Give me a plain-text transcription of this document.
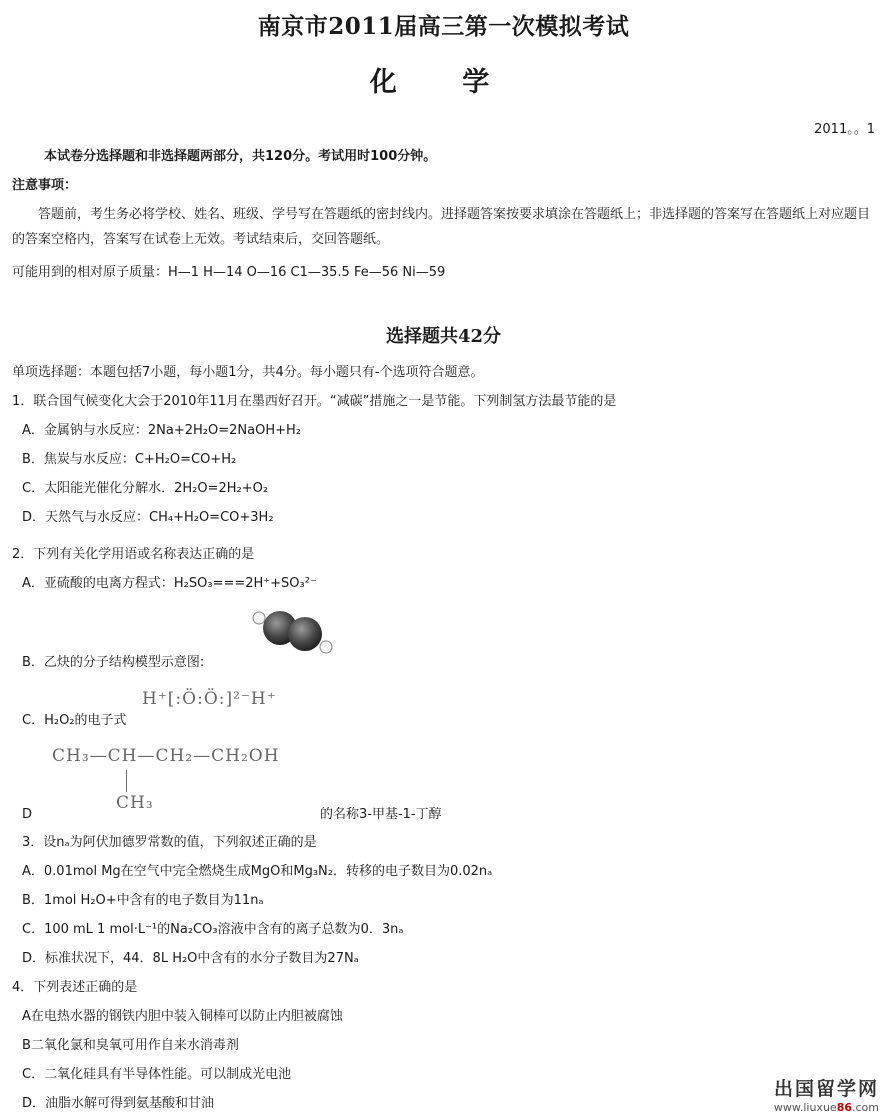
南京市2011届高三第一次模拟考试
化 学
2011。。1
本试卷分选择题和非选择题两部分，共120分。考试用时100分钟。
注意事项：
答题前，考生务必将学校、姓名、班级、学号写在答题纸的密封线内。进择题答案按要求填涂在答题纸上；非选择题的答案写在答题纸上对应题目的答案空格内，答案写在试卷上无效。考试结束后，交回答题纸。
可能用到的相对原子质量：H—1 H—14 O—16 C1—35.5 Fe—56 Ni—59
选择题共42分
单项选择题：本题包括7小题，每小题1分，共4分。每小题只有-个选项符合题意。
1．联合国气候变化大会于2010年11月在墨西好召开。“减碳”措施之一是节能。下列制氢方法最节能的是
A．金属钠与水反应：2Na+2H₂O=2NaOH+H₂
B．焦炭与水反应：C+H₂O=CO+H₂
C．太阳能光催化分解水．2H₂O=2H₂+O₂
D．天然气与水反应：CH₄+H₂O=CO+3H₂
2．下列有关化学用语或名称表达正确的是
A．亚硫酸的电离方程式：H₂SO₃===2H⁺+SO₃²⁻
B．乙炔的分子结构模型示意图:
H⁺[:Ö:Ö:]²⁻H⁺
C．H₂O₂的电子式
CH₃—CH—CH₂—CH₂OH
CH₃
D	的名称3-甲基-1-丁醇
3．设nₐ为阿伏加德罗常数的值，下列叙述正确的是
A．0.01mol Mg在空气中完全燃烧生成MgO和Mg₃N₂．转移的电子数目为0.02nₐ
B．1mol H₂O+中含有的电子数目为11nₐ
C．100 mL 1 mol·L⁻¹的Na₂CO₃溶液中含有的离子总数为0．3nₐ
D．标准状况下，44．8L H₂O中含有的水分子数目为27Nₐ
4．下列表述正确的是
A在电热水器的钢铁内胆中装入铜棒可以防止内胆被腐蚀
B二氧化氯和臭氧可用作自来水消毒剂
C．二氧化硅具有半导体性能。可以制成光电池
D．油脂水解可得到氨基酸和甘油
出国留学网
www.liuxue86.com
